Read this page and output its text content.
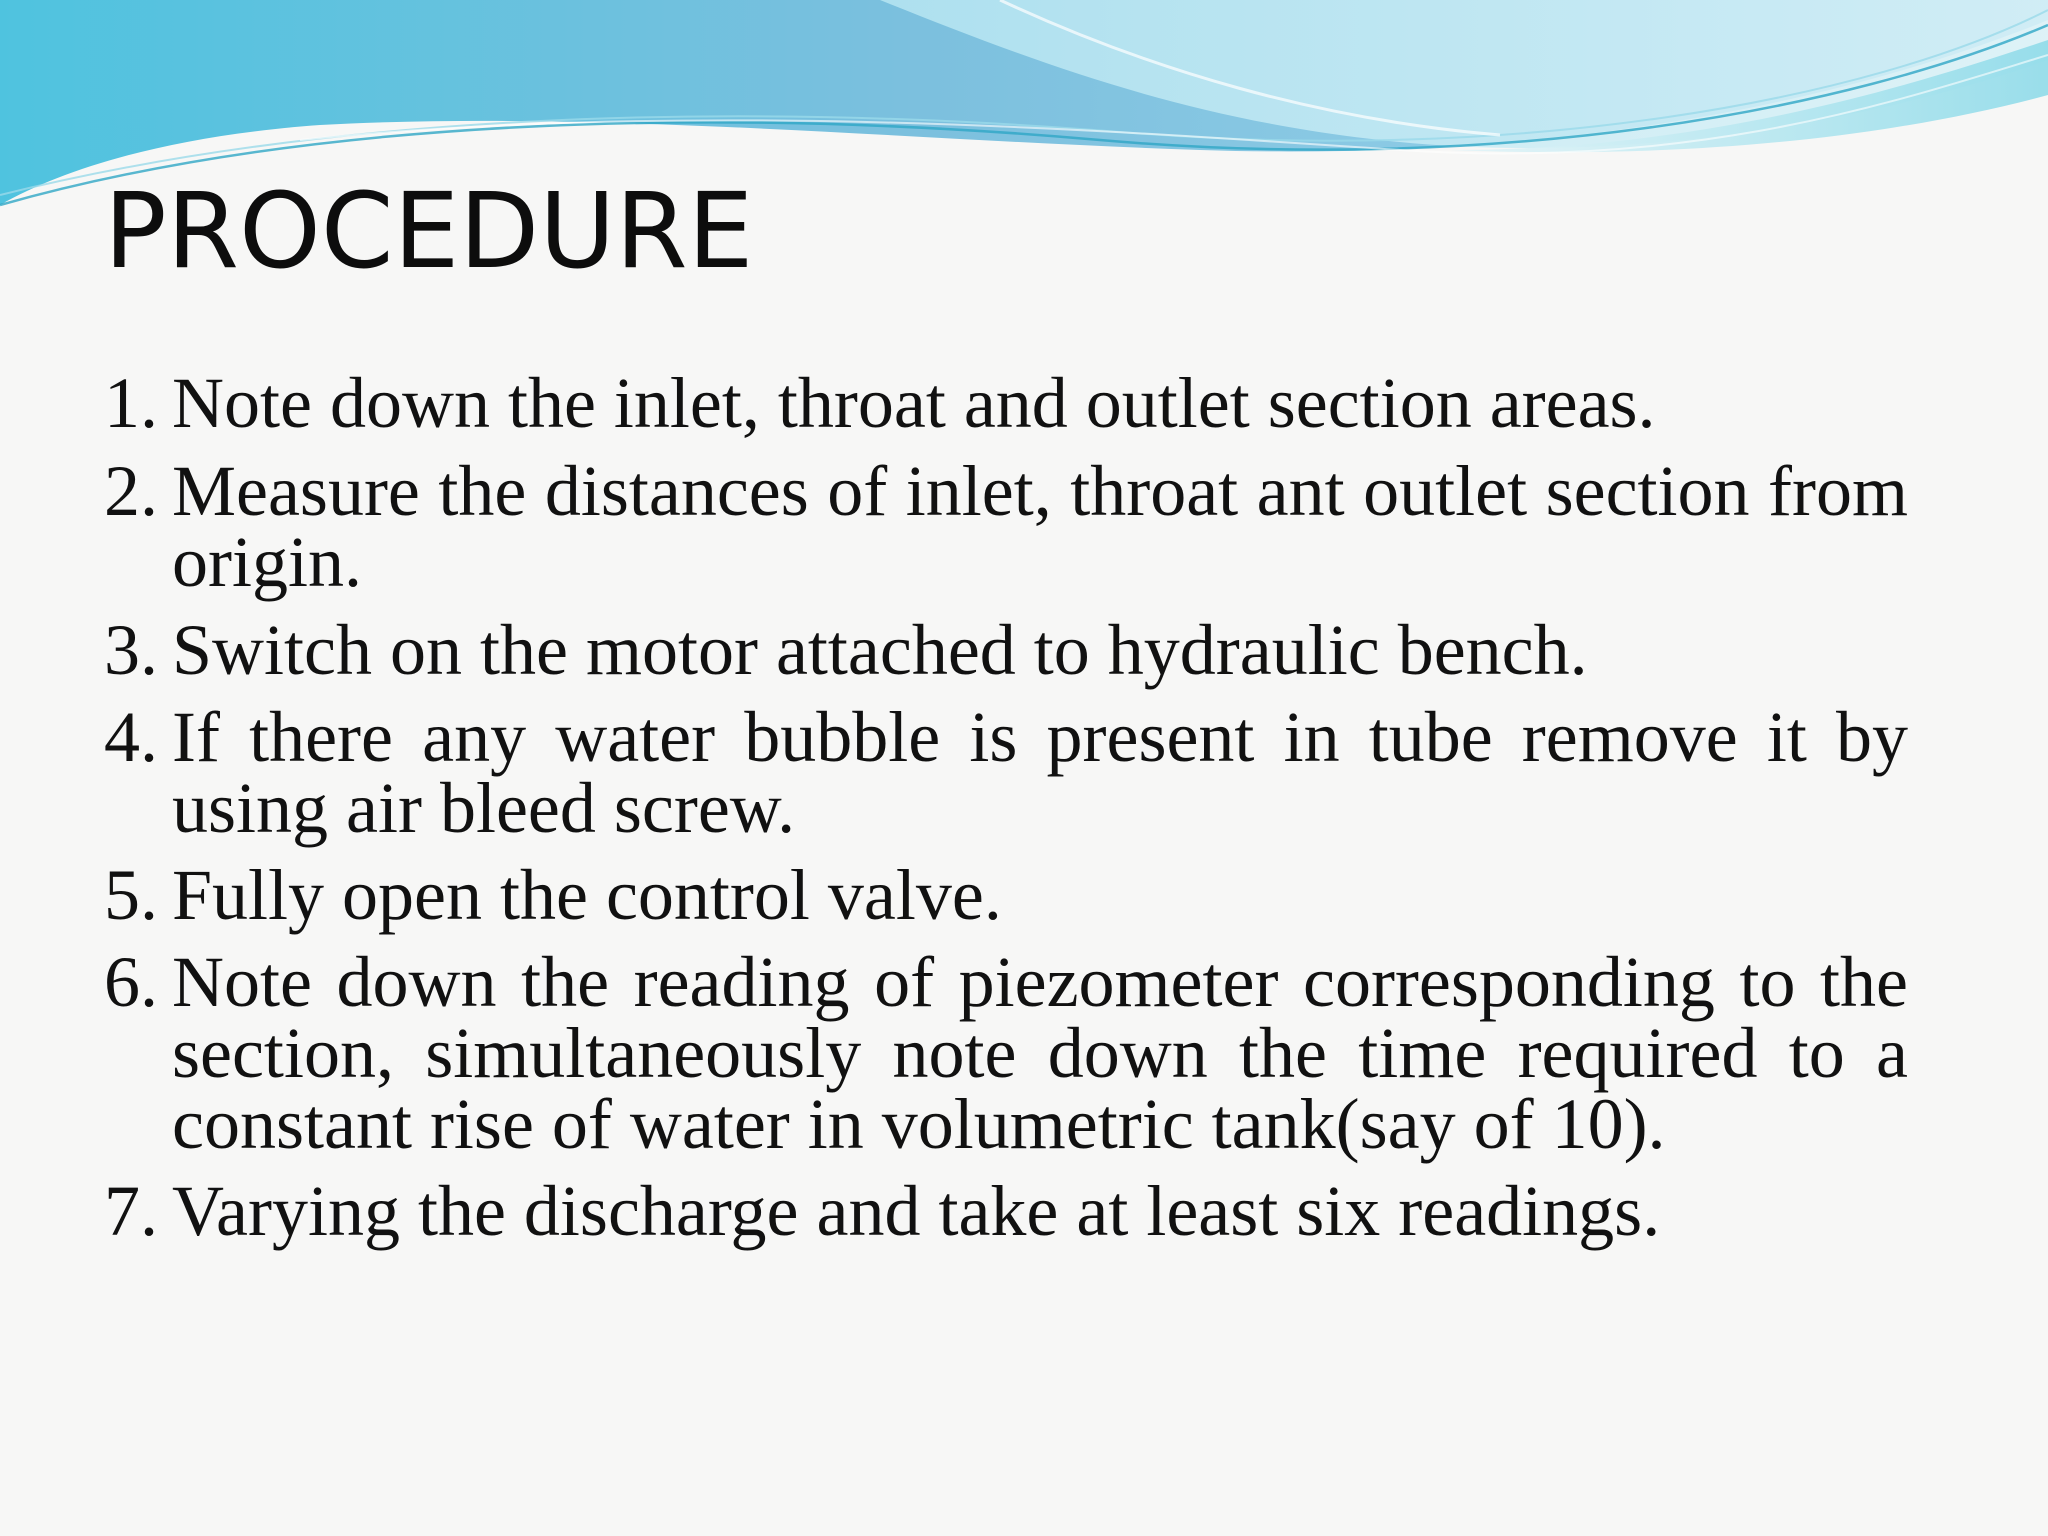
PROCEDURE
1. Note down the inlet, throat and outlet section areas.
2. Measure the distances of inlet, throat ant outlet section from origin.
3. Switch on the motor attached to hydraulic bench.
4. If there any water bubble is present in tube remove it by using air bleed screw.
5. Fully open the control valve.
6. Note down the reading of piezometer corresponding to the section, simultaneously note down the time required to a constant rise of water in volumetric tank(say of 10).
7. Varying the discharge and take at least six readings.
